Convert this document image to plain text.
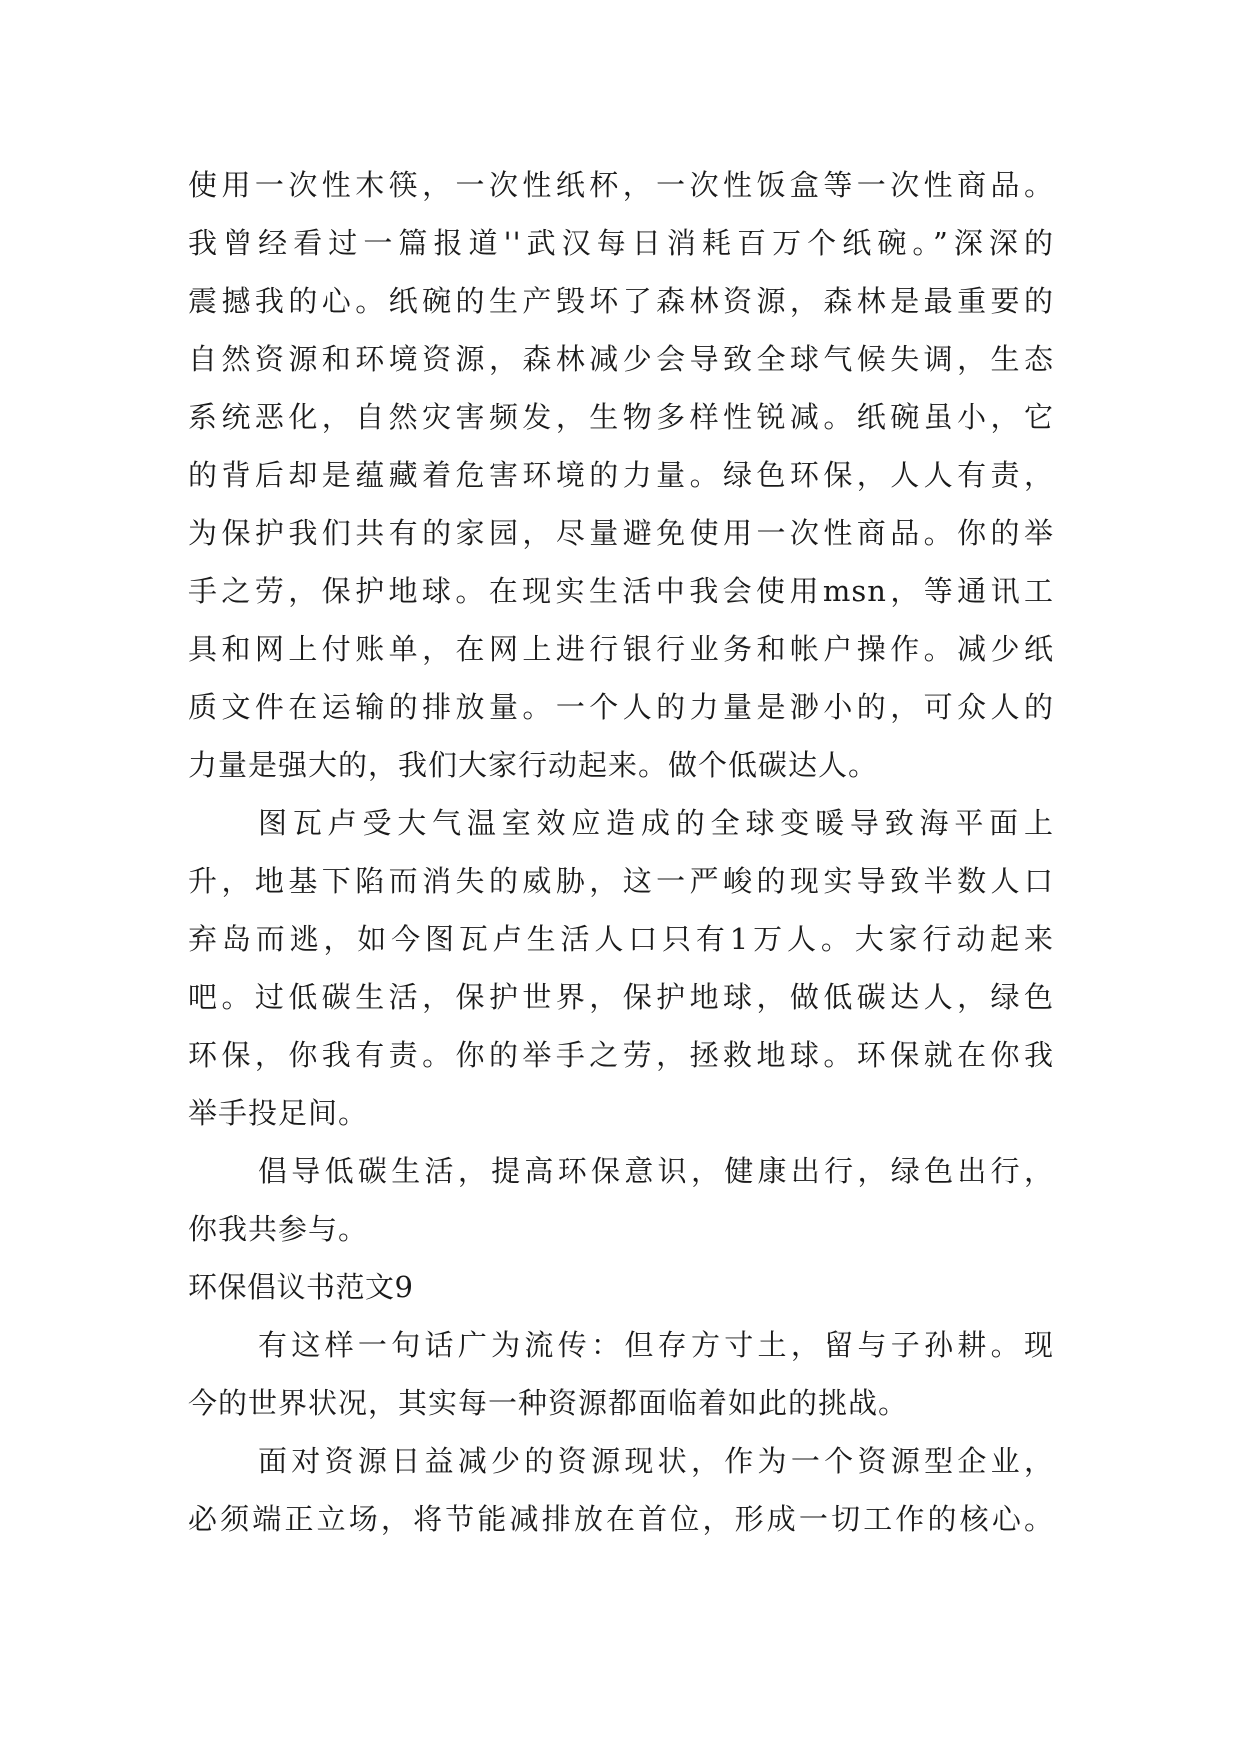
使用一次性木筷，一次性纸杯，一次性饭盒等一次性商品。
我曾经看过一篇报道''武汉每日消耗百万个纸碗。”深深的
震撼我的心。纸碗的生产毁坏了森林资源，森林是最重要的
自然资源和环境资源，森林减少会导致全球气候失调，生态
系统恶化，自然灾害频发，生物多样性锐减。纸碗虽小，它
的背后却是蕴藏着危害环境的力量。绿色环保，人人有责，
为保护我们共有的家园，尽量避免使用一次性商品。你的举
手之劳，保护地球。在现实生活中我会使用msn，等通讯工
具和网上付账单，在网上进行银行业务和帐户操作。减少纸
质文件在运输的排放量。一个人的力量是渺小的，可众人的
力量是强大的，我们大家行动起来。做个低碳达人。
图瓦卢受大气温室效应造成的全球变暖导致海平面上
升，地基下陷而消失的威胁，这一严峻的现实导致半数人口
弃岛而逃，如今图瓦卢生活人口只有1万人。大家行动起来
吧。过低碳生活，保护世界，保护地球，做低碳达人，绿色
环保，你我有责。你的举手之劳，拯救地球。环保就在你我
举手投足间。
倡导低碳生活，提高环保意识，健康出行，绿色出行，
你我共参与。
环保倡议书范文9
有这样一句话广为流传：但存方寸土，留与子孙耕。现
今的世界状况，其实每一种资源都面临着如此的挑战。
面对资源日益减少的资源现状，作为一个资源型企业，
必须端正立场，将节能减排放在首位，形成一切工作的核心。
